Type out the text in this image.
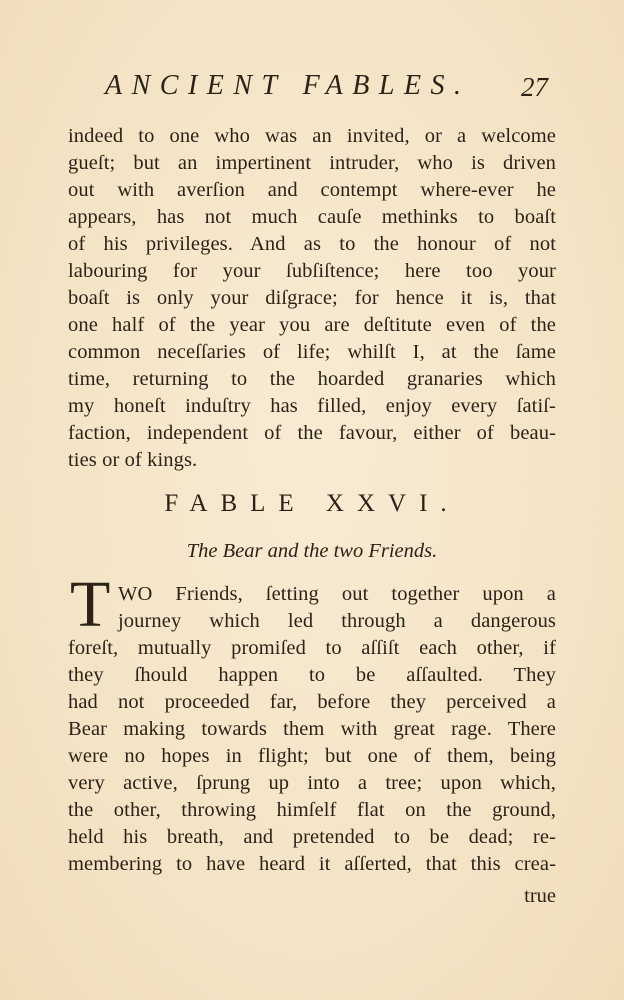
ANCIENT FABLES. 27
indeed to one who was an invited, or a welcome
gueſt; but an impertinent intruder, who is driven
out with averſion and contempt where-ever he
appears, has not much cauſe methinks to boaſt
of his privileges. And as to the honour of not
labouring for your ſubſiſtence; here too your
boaſt is only your diſgrace; for hence it is, that
one half of the year you are deſtitute even of the
common neceſſaries of life; whilſt I, at the ſame
time, returning to the hoarded granaries which
my honeſt induſtry has filled, enjoy every ſatiſ-
faction, independent of the favour, either of beau-
ties or of kings.
FABLE XXVI.
The Bear and the two Friends.
T WO Friends, ſetting out together upon a
journey which led through a dangerous
foreſt, mutually promiſed to aſſiſt each other, if
they ſhould happen to be aſſaulted. They
had not proceeded far, before they perceived a
Bear making towards them with great rage. There
were no hopes in flight; but one of them, being
very active, ſprung up into a tree; upon which,
the other, throwing himſelf flat on the ground,
held his breath, and pretended to be dead; re-
membering to have heard it aſſerted, that this crea-
true
